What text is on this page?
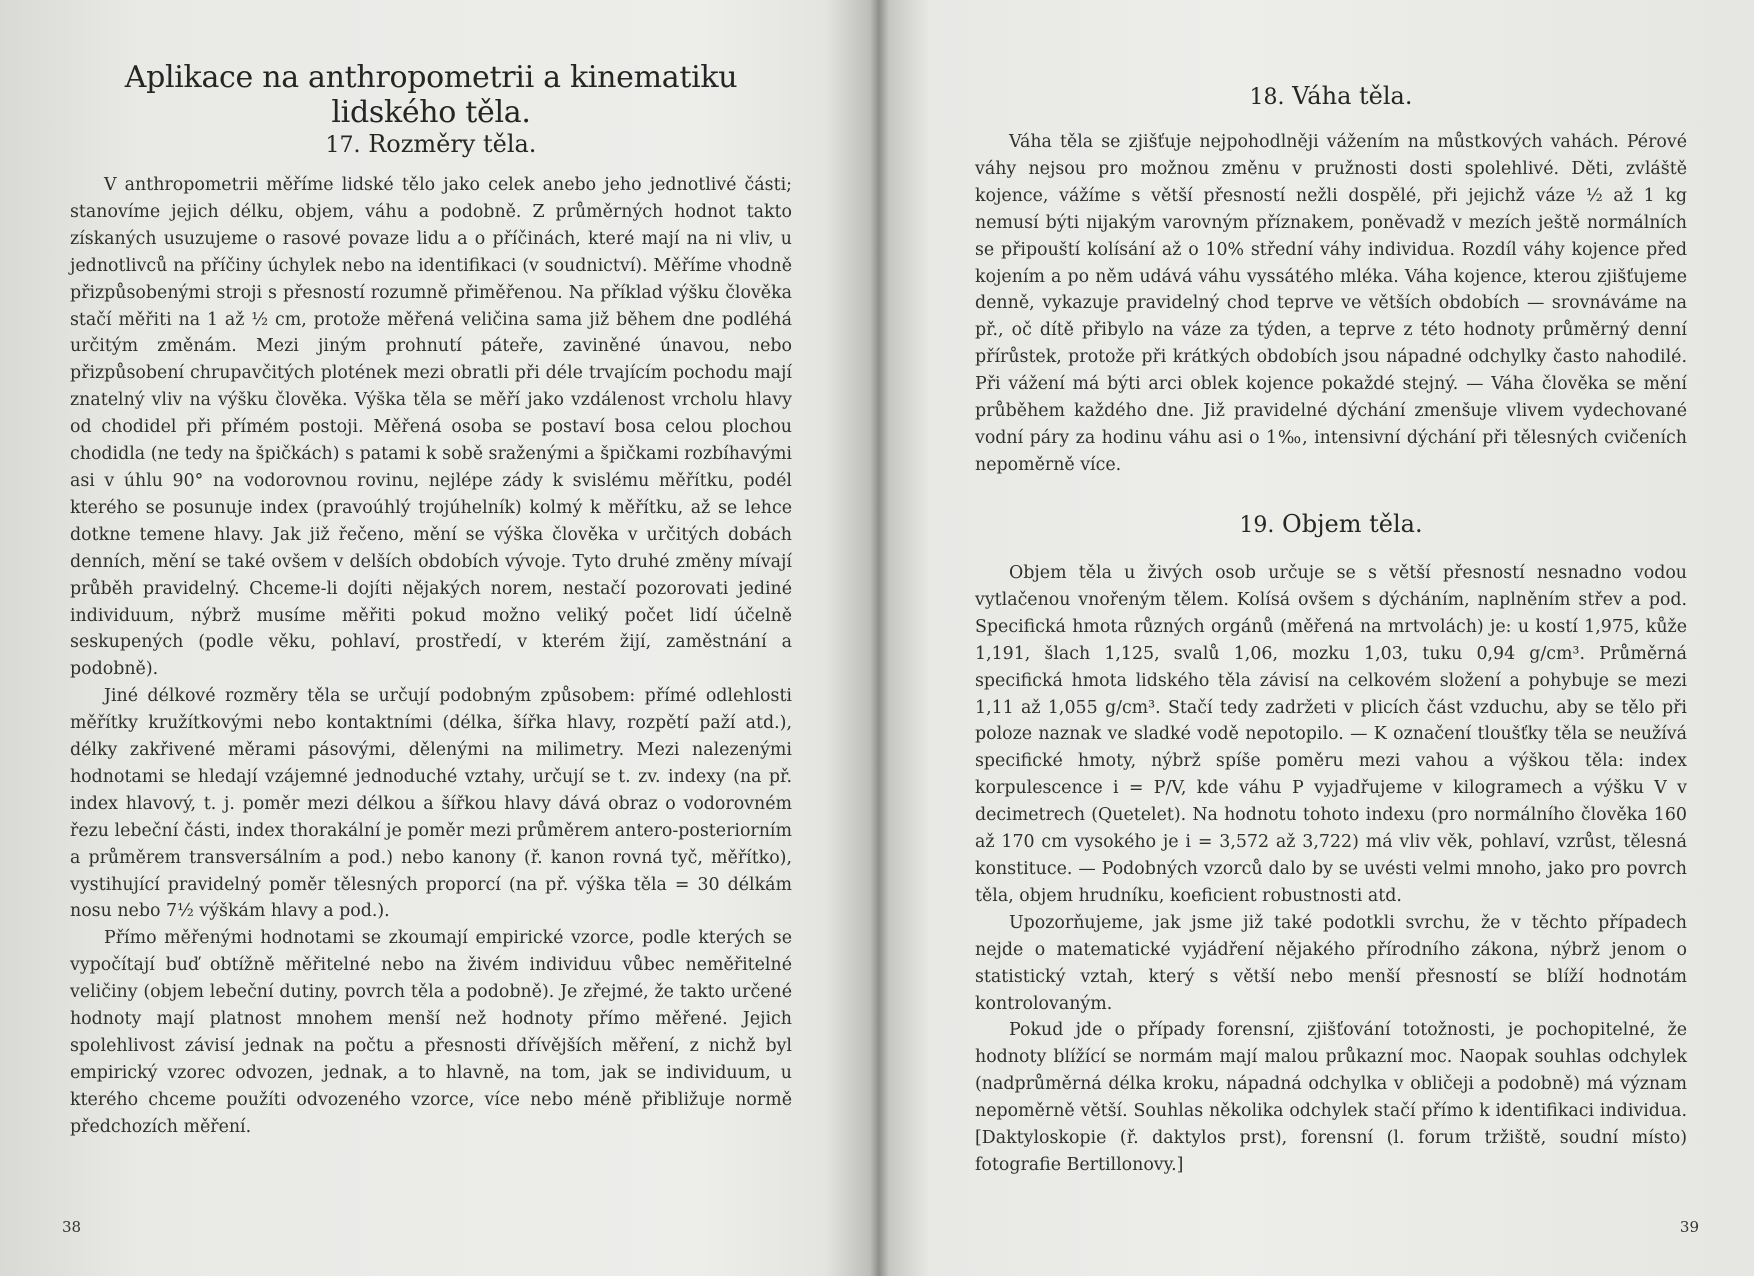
Aplikace na anthropometrii a kinematiku lidského těla.
17. Rozměry těla.

V anthropometrii měříme lidské tělo jako celek anebo jeho jednotlivé části; stanovíme jejich délku, objem, váhu a podobně. Z průměrných hodnot takto získaných usuzujeme o rasové povaze lidu a o příčinách, které mají na ni vliv, u jednotlivců na příčiny úchylek nebo na identifikaci (v soudnictví). Měříme vhodně přizpůsobenými stroji s přesností rozumně přiměřenou. Na příklad výšku člověka stačí měřiti na 1 až ½ cm, protože měřená veličina sama již během dne podléhá určitým změnám. Mezi jiným prohnutí páteře, zaviněné únavou, nebo přizpůsobení chrupavčitých plotének mezi obratli při déle trvajícím pochodu mají znatelný vliv na výšku člověka. Výška těla se měří jako vzdálenost vrcholu hlavy od chodidel při přímém postoji. Měřená osoba se postaví bosa celou plochou chodidla (ne tedy na špičkách) s patami k sobě sraženými a špičkami rozbíhavými asi v úhlu 90° na vodorovnou rovinu, nejlépe zády k svislému měřítku, podél kterého se posunuje index (pravoúhlý trojúhelník) kolmý k měřítku, až se lehce dotkne temene hlavy. Jak již řečeno, mění se výška člověka v určitých dobách denních, mění se také ovšem v delších obdobích vývoje. Tyto druhé změny mívají průběh pravidelný. Chceme-li dojíti nějakých norem, nestačí pozorovati jediné individuum, nýbrž musíme měřiti pokud možno veliký počet lidí účelně seskupených (podle věku, pohlaví, prostředí, v kterém žijí, zaměstnání a podobně).

Jiné délkové rozměry těla se určují podobným způsobem: přímé odlehlosti měřítky kružítkovými nebo kontaktními (délka, šířka hlavy, rozpětí paží atd.), délky zakřivené měrami pásovými, dělenými na milimetry. Mezi nalezenými hodnotami se hledají vzájemné jednoduché vztahy, určují se t. zv. indexy (na př. index hlavový, t. j. poměr mezi délkou a šířkou hlavy dává obraz o vodorovném řezu lebeční části, index thorakální je poměr mezi průměrem antero-posteriorním a průměrem transversálním a pod.) nebo kanony (ř. kanon rovná tyč, měřítko), vystihující pravidelný poměr tělesných proporcí (na př. výška těla = 30 délkám nosu nebo 7½ výškám hlavy a pod.).

Přímo měřenými hodnotami se zkoumají empirické vzorce, podle kterých se vypočítají buď obtížně měřitelné nebo na živém individuu vůbec neměřitelné veličiny (objem lebeční dutiny, povrch těla a podobně). Je zřejmé, že takto určené hodnoty mají platnost mnohem menší než hodnoty přímo měřené. Jejich spolehlivost závisí jednak na počtu a přesnosti dřívějších měření, z nichž byl empirický vzorec odvozen, jednak, a to hlavně, na tom, jak se individuum, u kterého chceme použíti odvozeného vzorce, více nebo méně přibližuje normě předchozích měření.

38

18. Váha těla.

Váha těla se zjišťuje nejpohodlněji vážením na můstkových vahách. Pérové váhy nejsou pro možnou změnu v pružnosti dosti spolehlivé. Děti, zvláště kojence, vážíme s větší přesností nežli dospělé, při jejichž váze ½ až 1 kg nemusí býti nijakým varovným příznakem, poněvadž v mezích ještě normálních se připouští kolísání až o 10% střední váhy individua. Rozdíl váhy kojence před kojením a po něm udává váhu vyssátého mléka. Váha kojence, kterou zjišťujeme denně, vykazuje pravidelný chod teprve ve větších obdobích — srovnáváme na př., oč dítě přibylo na váze za týden, a teprve z této hodnoty průměrný denní přírůstek, protože při krátkých obdobích jsou nápadné odchylky často nahodilé. Při vážení má býti arci oblek kojence pokaždé stejný. — Váha člověka se mění průběhem každého dne. Již pravidelné dýchání zmenšuje vlivem vydechované vodní páry za hodinu váhu asi o 1‰, intensivní dýchání při tělesných cvičeních nepoměrně více.

19. Objem těla.

Objem těla u živých osob určuje se s větší přesností nesnadno vodou vytlačenou vnořeným tělem. Kolísá ovšem s dýcháním, naplněním střev a pod. Specifická hmota různých orgánů (měřená na mrtvolách) je: u kostí 1,975, kůže 1,191, šlach 1,125, svalů 1,06, mozku 1,03, tuku 0,94 g/cm³. Průměrná specifická hmota lidského těla závisí na celkovém složení a pohybuje se mezi 1,11 až 1,055 g/cm³. Stačí tedy zadržeti v plicích část vzduchu, aby se tělo při poloze naznak ve sladké vodě nepotopilo. — K označení tloušťky těla se neužívá specifické hmoty, nýbrž spíše poměru mezi vahou a výškou těla: index korpulescence i = P/V, kde váhu P vyjadřujeme v kilogramech a výšku V v decimetrech (Quetelet). Na hodnotu tohoto indexu (pro normálního člověka 160 až 170 cm vysokého je i = 3,572 až 3,722) má vliv věk, pohlaví, vzrůst, tělesná konstituce. — Podobných vzorců dalo by se uvésti velmi mnoho, jako pro povrch těla, objem hrudníku, koeficient robustnosti atd.

Upozorňujeme, jak jsme již také podotkli svrchu, že v těchto případech nejde o matematické vyjádření nějakého přírodního zákona, nýbrž jenom o statistický vztah, který s větší nebo menší přesností se blíží hodnotám kontrolovaným.

Pokud jde o případy forensní, zjišťování totožnosti, je pochopitelné, že hodnoty blížící se normám mají malou průkazní moc. Naopak souhlas odchylek (nadprůměrná délka kroku, nápadná odchylka v obličeji a podobně) má význam nepoměrně větší. Souhlas několika odchylek stačí přímo k identifikaci individua. [Daktyloskopie (ř. daktylos prst), forensní (l. forum tržiště, soudní místo) fotografie Bertillonovy.]

39
